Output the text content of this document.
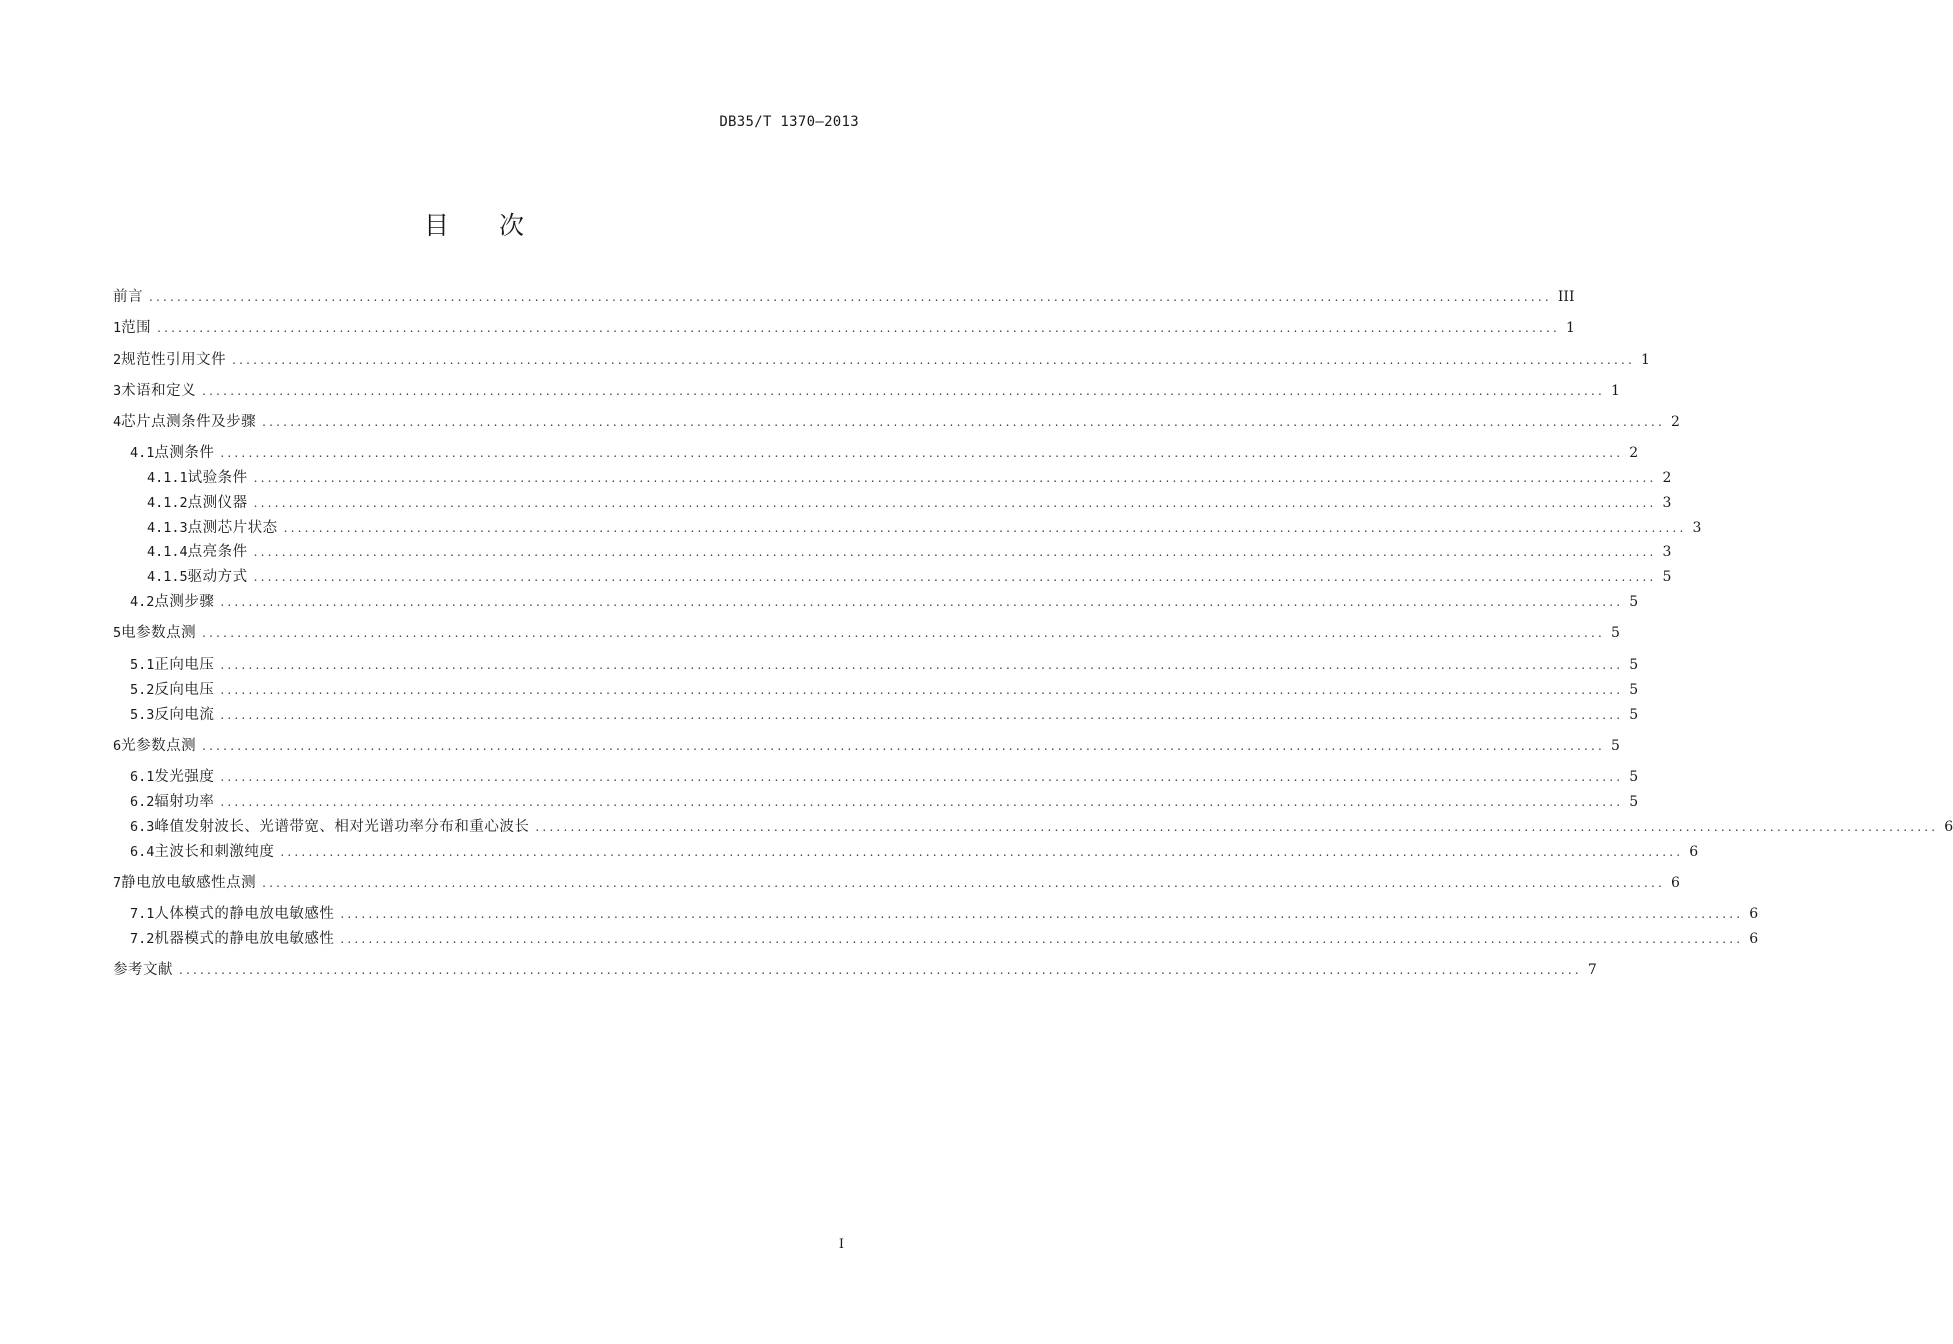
DB35/T 1370—2013
目 次
前言 ........................................................................................................................................................................................................ III
1 范围 ........................................................................................................................................................................................................ 1
2 规范性引用文件 ........................................................................................................................................................................................................ 1
3 术语和定义 ........................................................................................................................................................................................................ 1
4 芯片点测条件及步骤 ........................................................................................................................................................................................................ 2
4.1 点测条件 ........................................................................................................................................................................................................ 2
4.1.1 试验条件 ........................................................................................................................................................................................................ 2
4.1.2 点测仪器 ........................................................................................................................................................................................................ 3
4.1.3 点测芯片状态 ........................................................................................................................................................................................................ 3
4.1.4 点亮条件 ........................................................................................................................................................................................................ 3
4.1.5 驱动方式 ........................................................................................................................................................................................................ 5
4.2 点测步骤 ........................................................................................................................................................................................................ 5
5 电参数点测 ........................................................................................................................................................................................................ 5
5.1 正向电压 ........................................................................................................................................................................................................ 5
5.2 反向电压 ........................................................................................................................................................................................................ 5
5.3 反向电流 ........................................................................................................................................................................................................ 5
6 光参数点测 ........................................................................................................................................................................................................ 5
6.1 发光强度 ........................................................................................................................................................................................................ 5
6.2 辐射功率 ........................................................................................................................................................................................................ 5
6.3 峰值发射波长、光谱带宽、相对光谱功率分布和重心波长 ........................................................................................................................................................................................................ 6
6.4 主波长和刺激纯度 ........................................................................................................................................................................................................ 6
7 静电放电敏感性点测 ........................................................................................................................................................................................................ 6
7.1 人体模式的静电放电敏感性 ........................................................................................................................................................................................................ 6
7.2 机器模式的静电放电敏感性 ........................................................................................................................................................................................................ 6
参考文献 ........................................................................................................................................................................................................ 7
I
